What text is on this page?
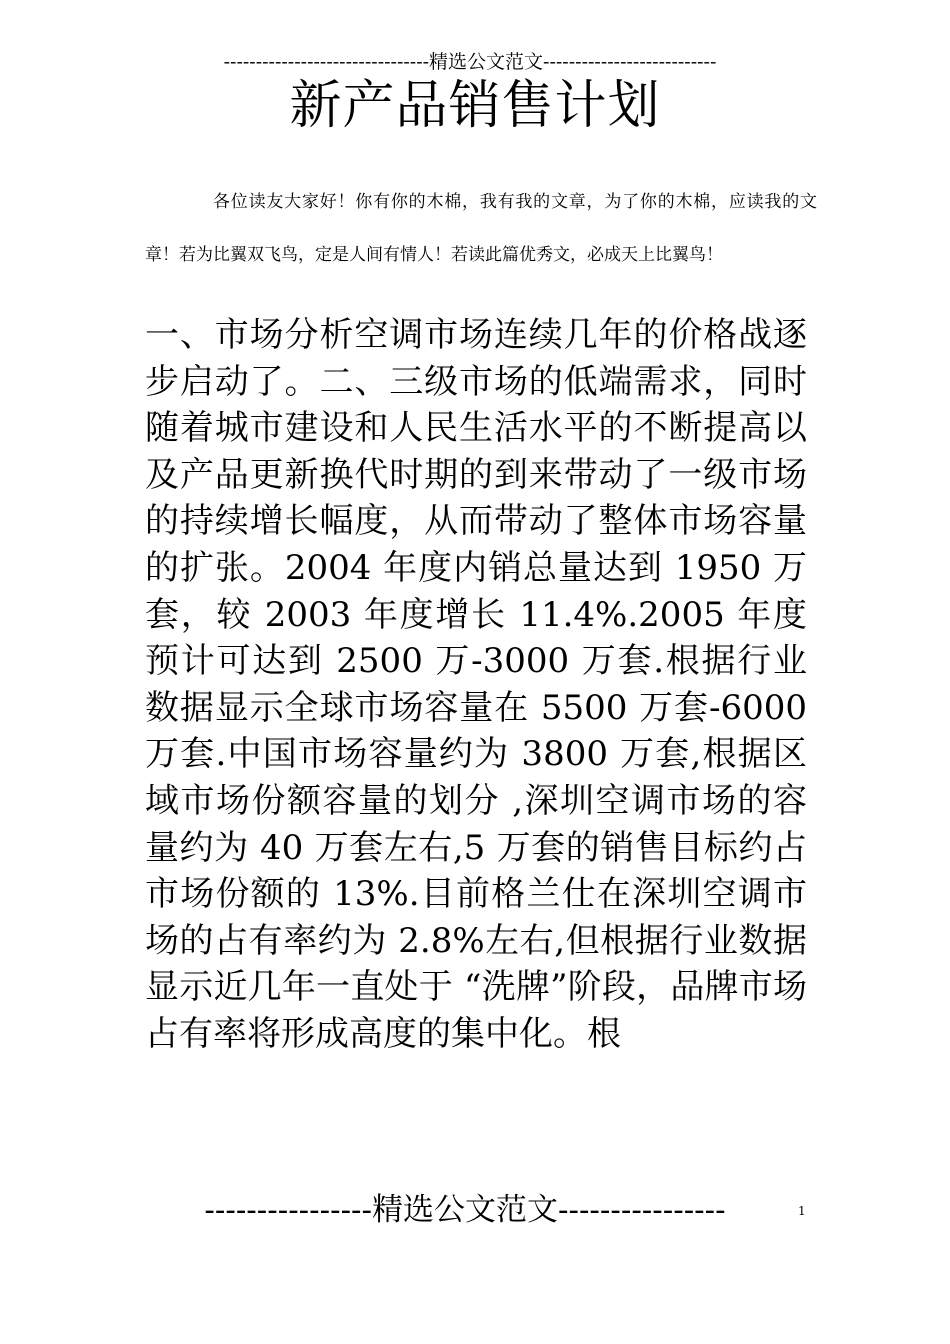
--------------------------------精选公文范文---------------------------
新产品销售计划

各位读友大家好！你有你的木棉，我有我的文章，为了你的木棉，应读我的文章！若为比翼双飞鸟，定是人间有情人！若读此篇优秀文，必成天上比翼鸟！

一、市场分析空调市场连续几年的价格战逐步启动了。二、三级市场的低端需求，同时随着城市建设和人民生活水平的不断提高以及产品更新换代时期的到来带动了一级市场的持续增长幅度，从而带动了整体市场容量的扩张。2004 年度内销总量达到 1950 万套，较 2003 年度增长 11.4%.2005 年度预计可达到 2500 万-3000 万套.根据行业数据显示全球市场容量在 5500 万套-6000 万套.中国市场容量约为 3800 万套,根据区域市场份额容量的划分 ,深圳空调市场的容量约为 40 万套左右,5 万套的销售目标约占市场份额的 13%.目前格兰仕在深圳空调市场的占有率约为 2.8%左右,但根据行业数据显示近几年一直处于 “洗牌”阶段，品牌市场占有率将形成高度的集中化。根

----------------精选公文范文----------------	1
